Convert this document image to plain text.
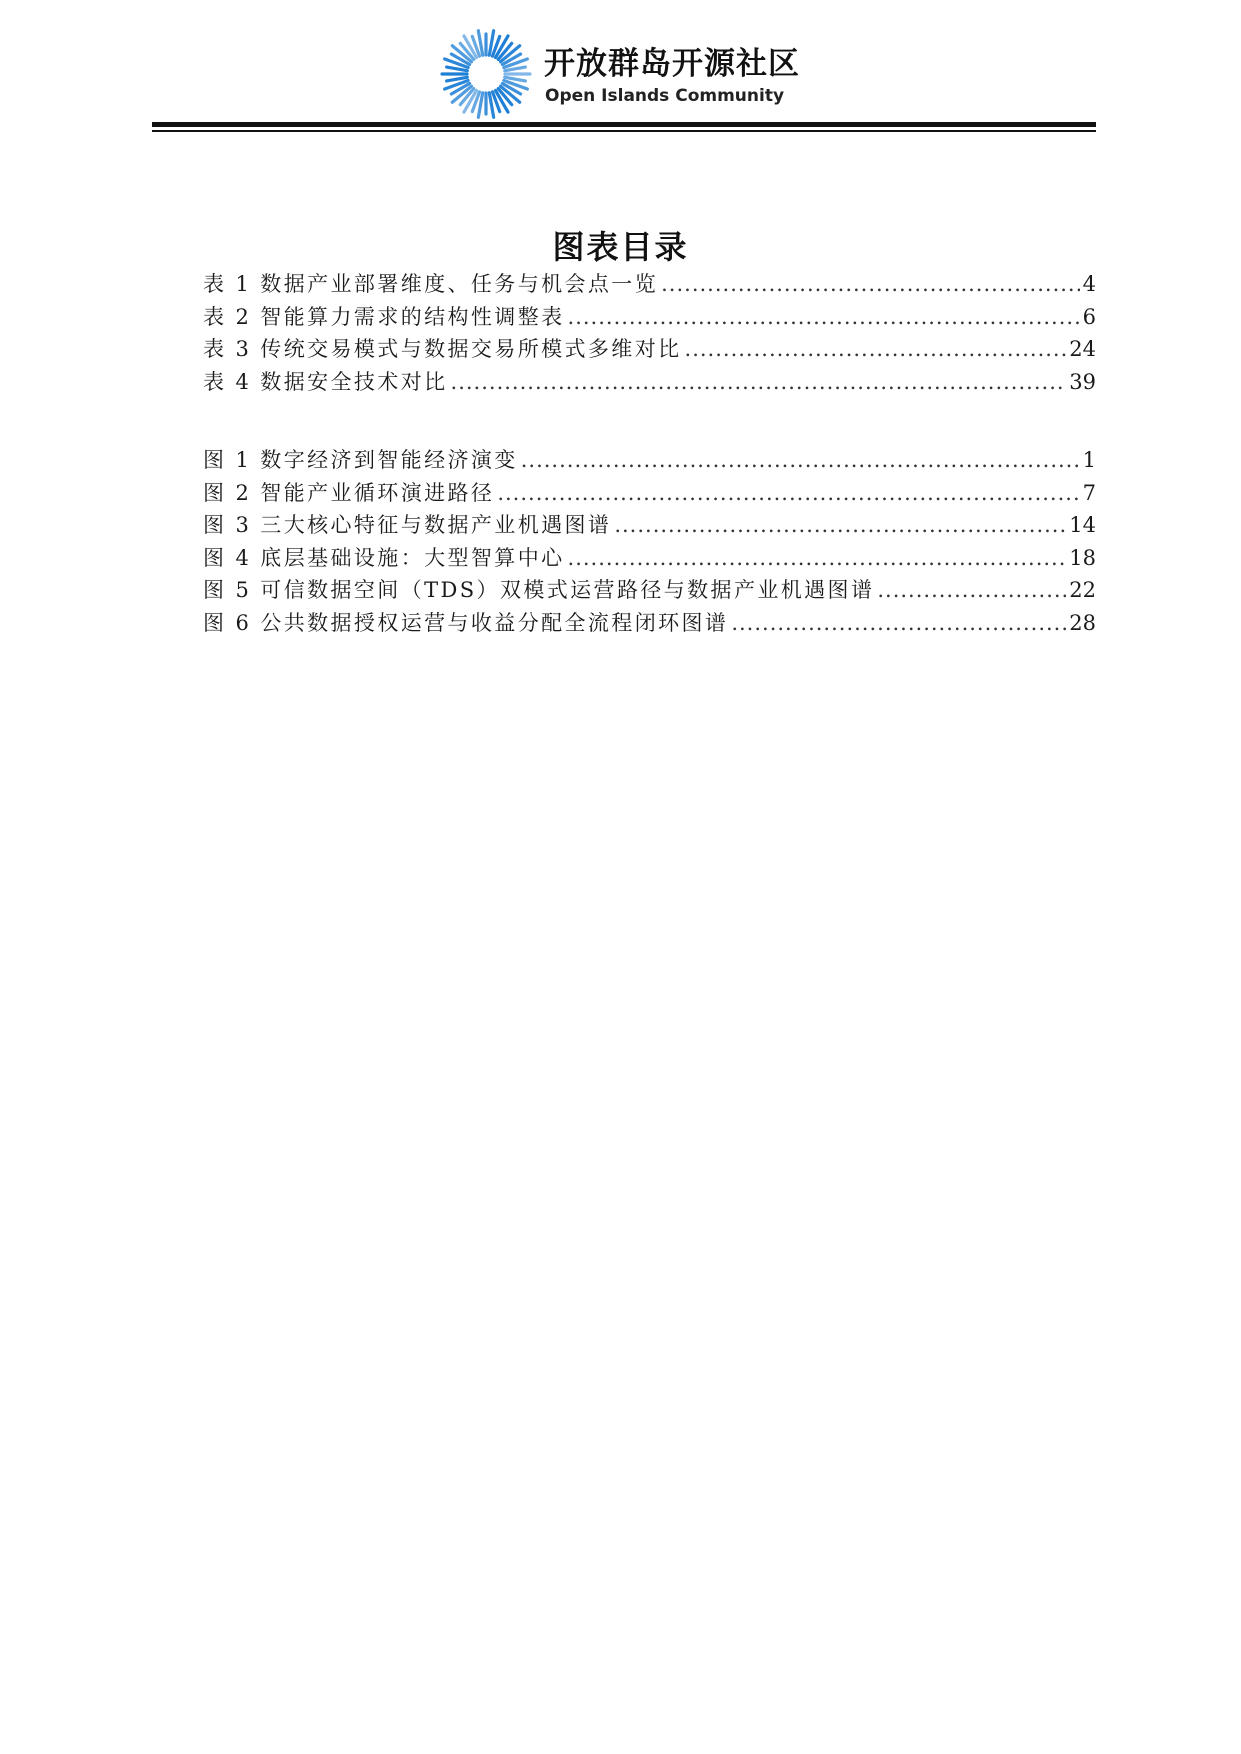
开放群岛开源社区
Open Islands Community
图表目录
表 1 数据产业部署维度、任务与机会点一览 .....	4
表 2 智能算力需求的结构性调整表 .....	6
表 3 传统交易模式与数据交易所模式多维对比 .....	24
表 4 数据安全技术对比 .....	39
图 1 数字经济到智能经济演变 .....	1
图 2 智能产业循环演进路径 .....	7
图 3 三大核心特征与数据产业机遇图谱 .....	14
图 4 底层基础设施：大型智算中心 .....	18
图 5 可信数据空间（TDS）双模式运营路径与数据产业机遇图谱 .....	22
图 6 公共数据授权运营与收益分配全流程闭环图谱 .....	28
